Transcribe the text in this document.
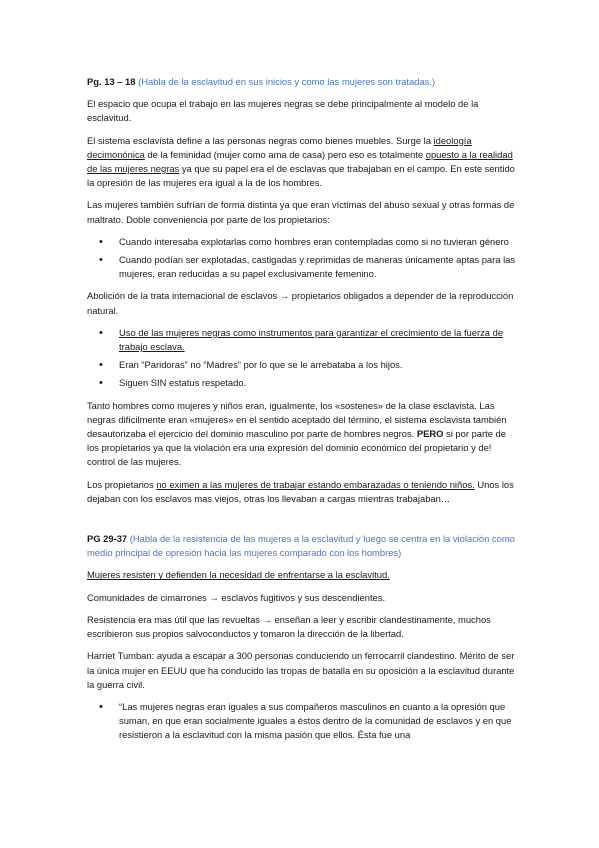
Pg. 13 – 18 (Habla de la esclavitud en sus inicios y como las mujeres son tratadas.)

El espacio que ocupa el trabajo en las mujeres negras se debe principalmente al modelo de la esclavitud.

El sistema esclavista define a las personas negras como bienes muebles. Surge la ideología decimonónica de la feminidad (mujer como ama de casa) pero eso es totalmente opuesto a la realidad de las mujeres negras ya que su papel era el de esclavas que trabajaban en el campo. En este sentido la opresión de las mujeres era igual a la de los hombres.

Las mujeres también sufrían de forma distinta ya que eran víctimas del abuso sexual y otras formas de maltrato. Doble conveniencia por parte de los propietarios:

• Cuando interesaba explotarlas como hombres eran contempladas como si no tuvieran género
• Cuando podían ser explotadas, castigadas y reprimidas de maneras únicamente aptas para las mujeres, eran reducidas a su papel exclusivamente femenino.

Abolición de la trata internacional de esclavos → propietarios obligados a depender de la reproducción natural.

• Uso de las mujeres negras como instrumentos para garantizar el crecimiento de la fuerza de trabajo esclava.
• Eran “Paridoras” no “Madres” por lo que se le arrebataba a los hijos.
• Siguen SIN estatus respetado.

Tanto hombres como mujeres y niños eran, igualmente, los «sostenes» de la clase esclavista. Las negras difícilmente eran «mujeres» en el sentido aceptado del término, el sistema esclavista también desautorizaba el ejercicio del dominio masculino por parte de hombres negros. PERO si por parte de los propietarios ya que la violación era una expresión del dominio económico del propietario y de! control de las mujeres.

Los propietarios no eximen a las mujeres de trabajar estando embarazadas o teniendo niños. Unos los dejaban con los esclavos mas viejos, otras los llevaban a cargas mientras trabajaban…

PG 29-37 (Habla de la resistencia de las mujeres a la esclavitud y luego se centra en la violación como medio principal de opresión hacia las mujeres comparado con los hombres)

Mujeres resisten y defienden la necesidad de enfrentarse a la esclavitud.

Comunidades de cimarrones → esclavos fugitivos y sus descendientes.

Resistencia era mas útil que las revueltas → enseñan a leer y escribir clandestinamente, muchos escribieron sus propios salvoconductos y tomaron la dirección de la libertad.

Harriet Tumban: ayuda a escapar a 300 personas conduciendo un ferrocarril clandestino. Mérito de ser la única mujer en EEUU que ha conducido las tropas de batalla en su oposición a la esclavitud durante la guerra civil.

• “Las mujeres negras eran iguales a sus compañeros masculinos en cuanto a la opresión que suman, en que eran socialmente iguales a éstos dentro de la comunidad de esclavos y en que resistieron a la esclavitud con la misma pasión que ellos. Ésta fue una
